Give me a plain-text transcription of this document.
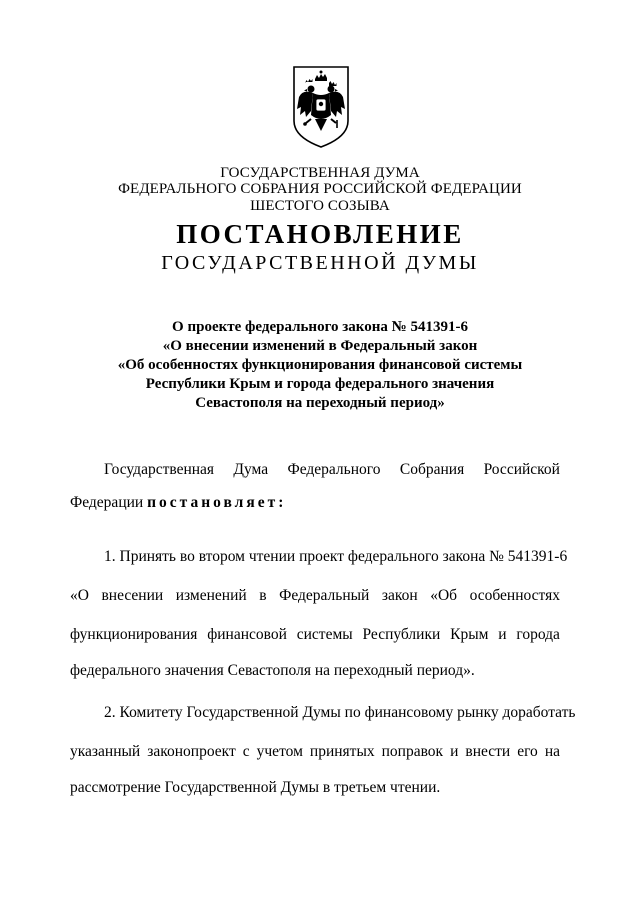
ГОСУДАРСТВЕННАЯ ДУМА
ФЕДЕРАЛЬНОГО СОБРАНИЯ РОССИЙСКОЙ ФЕДЕРАЦИИ
ШЕСТОГО СОЗЫВА
ПОСТАНОВЛЕНИЕ
ГОСУДАРСТВЕННОЙ ДУМЫ
О проекте федерального закона № 541391-6
«О внесении изменений в Федеральный закон
«Об особенностях функционирования финансовой системы
Республики Крым и города федерального значения
Севастополя на переходный период»
Государственная Дума Федерального Собрания Российской
Федерации постановляет:
1. Принять во втором чтении проект федерального закона № 541391-6
«О внесении изменений в Федеральный закон «Об особенностях
функционирования финансовой системы Республики Крым и города
федерального значения Севастополя на переходный период».
2. Комитету Государственной Думы по финансовому рынку доработать
указанный законопроект с учетом принятых поправок и внести его на
рассмотрение Государственной Думы в третьем чтении.
